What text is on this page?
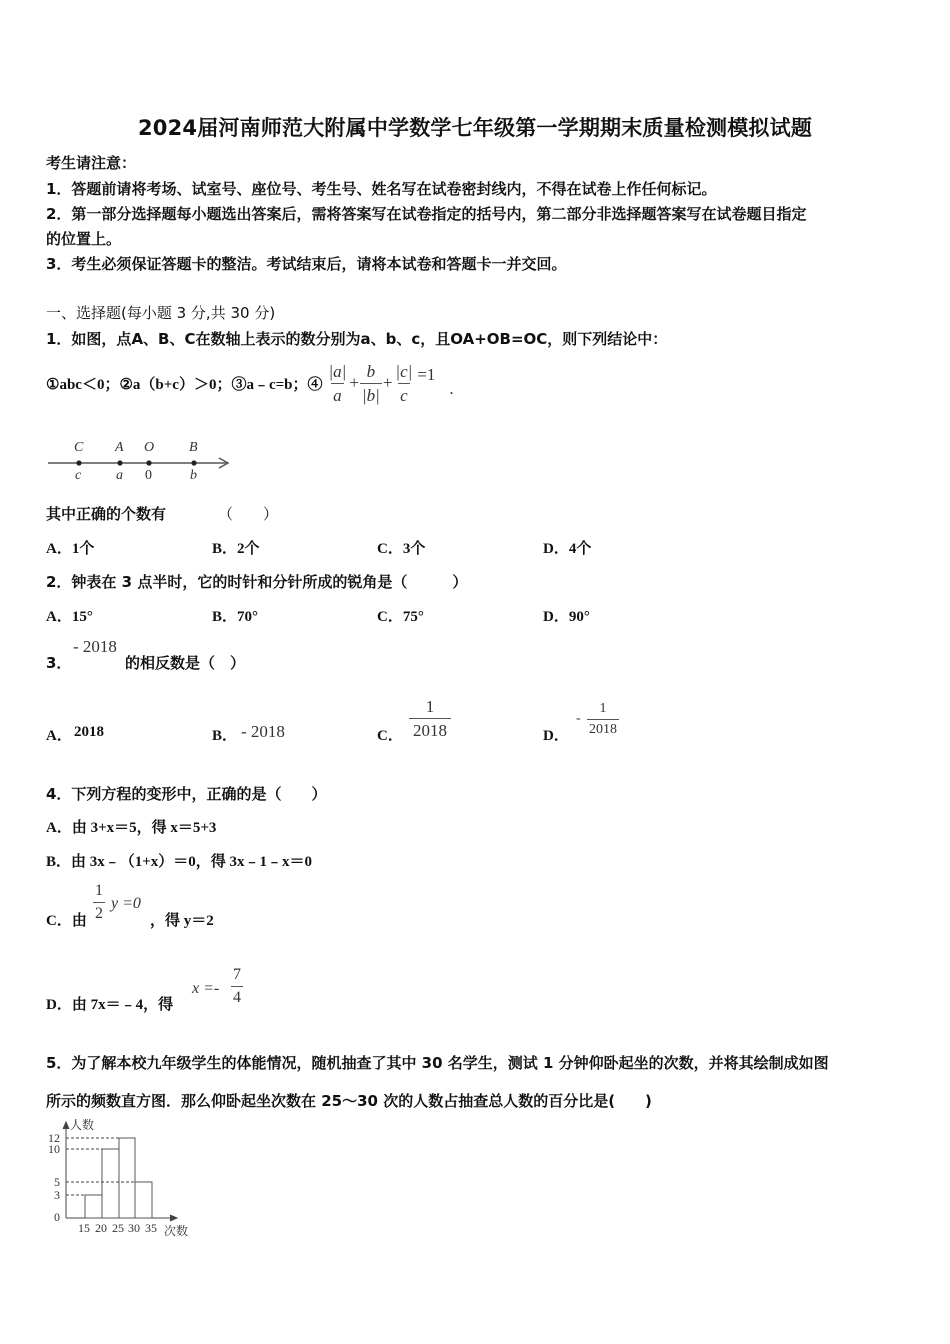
2024届河南师范大附属中学数学七年级第一学期期末质量检测模拟试题
考生请注意：
1．答题前请将考场、试室号、座位号、考生号、姓名写在试卷密封线内，不得在试卷上作任何标记。
2．第一部分选择题每小题选出答案后，需将答案写在试卷指定的括号内，第二部分非选择题答案写在试卷题目指定
的位置上。
3．考生必须保证答题卡的整洁。考试结束后，请将本试卷和答题卡一并交回。
一、选择题(每小题 3 分,共 30 分)
1．如图，点A、B、C在数轴上表示的数分别为a、b、c，且OA+OB=OC，则下列结论中：
①abc＜0；②a（b+c）＞0；③a﹣c=b；④ $\frac{|a|}{a} + \frac{b}{|b|} + \frac{|c|}{c} =1$
.
C A O B
c a 0	b
其中正确的个数有	（　　）
A．1个	B．2个	C．3个	D．4个
2．钟表在 3 点半时，它的时针和分针所成的锐角是（　　　）
A．15°	B．70°	C．75°	D．90°
3．
- 2018
的相反数是（　）
A． 2018	B． - 2018	C． $\frac{1}{2018}$	D．
- $\frac{1}{2018}$
4．下列方程的变形中，正确的是（　　）
A．由 3+x＝5，得 x＝5+3
B．由 3x﹣（1+x）＝0，得 3x﹣1﹣x＝0
C．由 $\frac{1}{2}$ y =0
，得 y＝2
D．由 7x＝﹣4，得
$x =- \frac{7}{4}$
5．为了解本校九年级学生的体能情况，随机抽查了其中 30 名学生，测试 1 分钟仰卧起坐的次数，并将其绘制成如图
所示的频数直方图．那么仰卧起坐次数在 25～30 次的人数占抽查总人数的百分比是(　　)
人数
12
10
5
3
0
15 20 25 30 35 次数
